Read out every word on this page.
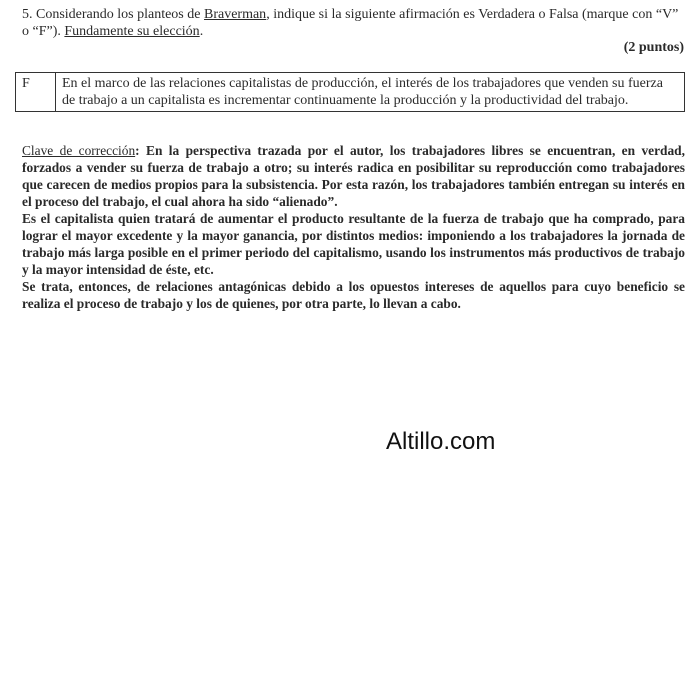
5. Considerando los planteos de Braverman, indique si la siguiente afirmación es Verdadera o Falsa (marque con “V” o “F”). Fundamente su elección.

(2 puntos)

F	En el marco de las relaciones capitalistas de producción, el interés de los trabajadores que venden su fuerza de trabajo a un capitalista es incrementar continuamente la producción y la productividad del trabajo.

Clave de corrección: En la perspectiva trazada por el autor, los trabajadores libres se encuentran, en verdad, forzados a vender su fuerza de trabajo a otro; su interés radica en posibilitar su reproducción como trabajadores que carecen de medios propios para la subsistencia. Por esta razón, los trabajadores también entregan su interés en el proceso del trabajo, el cual ahora ha sido “alienado”.

Es el capitalista quien tratará de aumentar el producto resultante de la fuerza de trabajo que ha comprado, para lograr el mayor excedente y la mayor ganancia, por distintos medios: imponiendo a los trabajadores la jornada de trabajo más larga posible en el primer periodo del capitalismo, usando los instrumentos más productivos de trabajo y la mayor intensidad de éste, etc.

Se trata, entonces, de relaciones antagónicas debido a los opuestos intereses de aquellos para cuyo beneficio se realiza el proceso de trabajo y los de quienes, por otra parte, lo llevan a cabo.

Altillo.com
